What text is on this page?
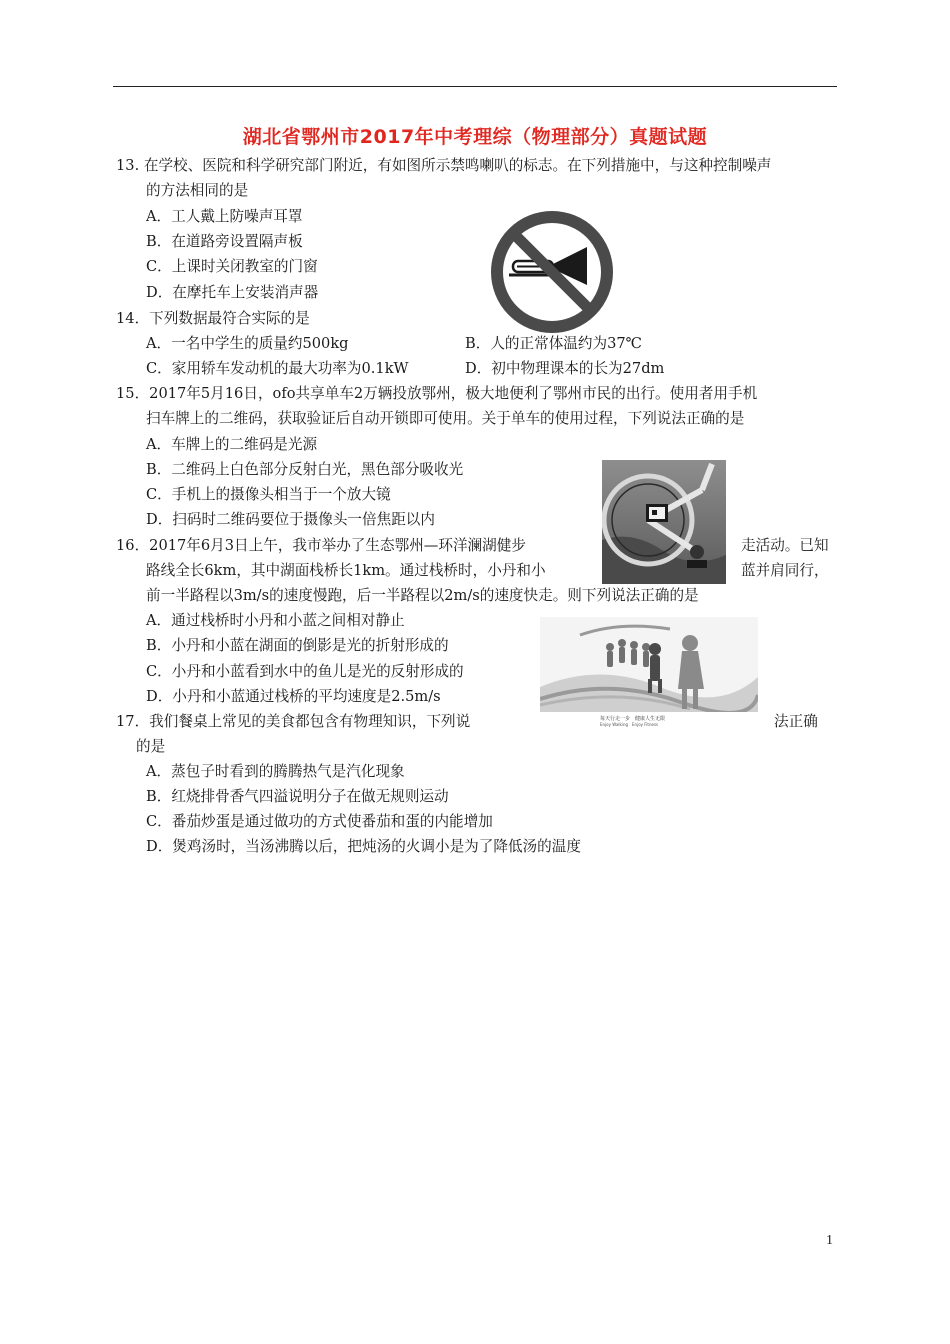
湖北省鄂州市2017年中考理综（物理部分）真题试题
13. 在学校、医院和科学研究部门附近，有如图所示禁鸣喇叭的标志。在下列措施中，与这种控制噪声
的方法相同的是
A．工人戴上防噪声耳罩
B．在道路旁设置隔声板
C．上课时关闭教室的门窗
D．在摩托车上安装消声器
14．下列数据最符合实际的是
A．一名中学生的质量约500kg	B．人的正常体温约为37℃
C．家用轿车发动机的最大功率为0.1kW	D．初中物理课本的长为27dm
15．2017年5月16日，ofo共享单车2万辆投放鄂州，极大地便利了鄂州市民的出行。使用者用手机
扫车牌上的二维码，获取验证后自动开锁即可使用。关于单车的使用过程，下列说法正确的是
A．车牌上的二维码是光源
B．二维码上白色部分反射白光，黑色部分吸收光
C．手机上的摄像头相当于一个放大镜
D．扫码时二维码要位于摄像头一倍焦距以内
16．2017年6月3日上午，我市举办了生态鄂州—环洋澜湖健步	走活动。已知
路线全长6km，其中湖面栈桥长1km。通过栈桥时，小丹和小	蓝并肩同行，
前一半路程以3m/s的速度慢跑，后一半路程以2m/s的速度快走。则下列说法正确的是
A．通过栈桥时小丹和小蓝之间相对静止
B．小丹和小蓝在湖面的倒影是光的折射形成的
C．小丹和小蓝看到水中的鱼儿是光的反射形成的
D．小丹和小蓝通过栈桥的平均速度是2.5m/s
每天行走一步　健康人生无限
Enjoy Walking　Enjoy Fitness
17．我们餐桌上常见的美食都包含有物理知识，下列说	法正确
的是
A．蒸包子时看到的腾腾热气是汽化现象
B．红烧排骨香气四溢说明分子在做无规则运动
C．番茄炒蛋是通过做功的方式使番茄和蛋的内能增加
D．煲鸡汤时，当汤沸腾以后，把炖汤的火调小是为了降低汤的温度
1
